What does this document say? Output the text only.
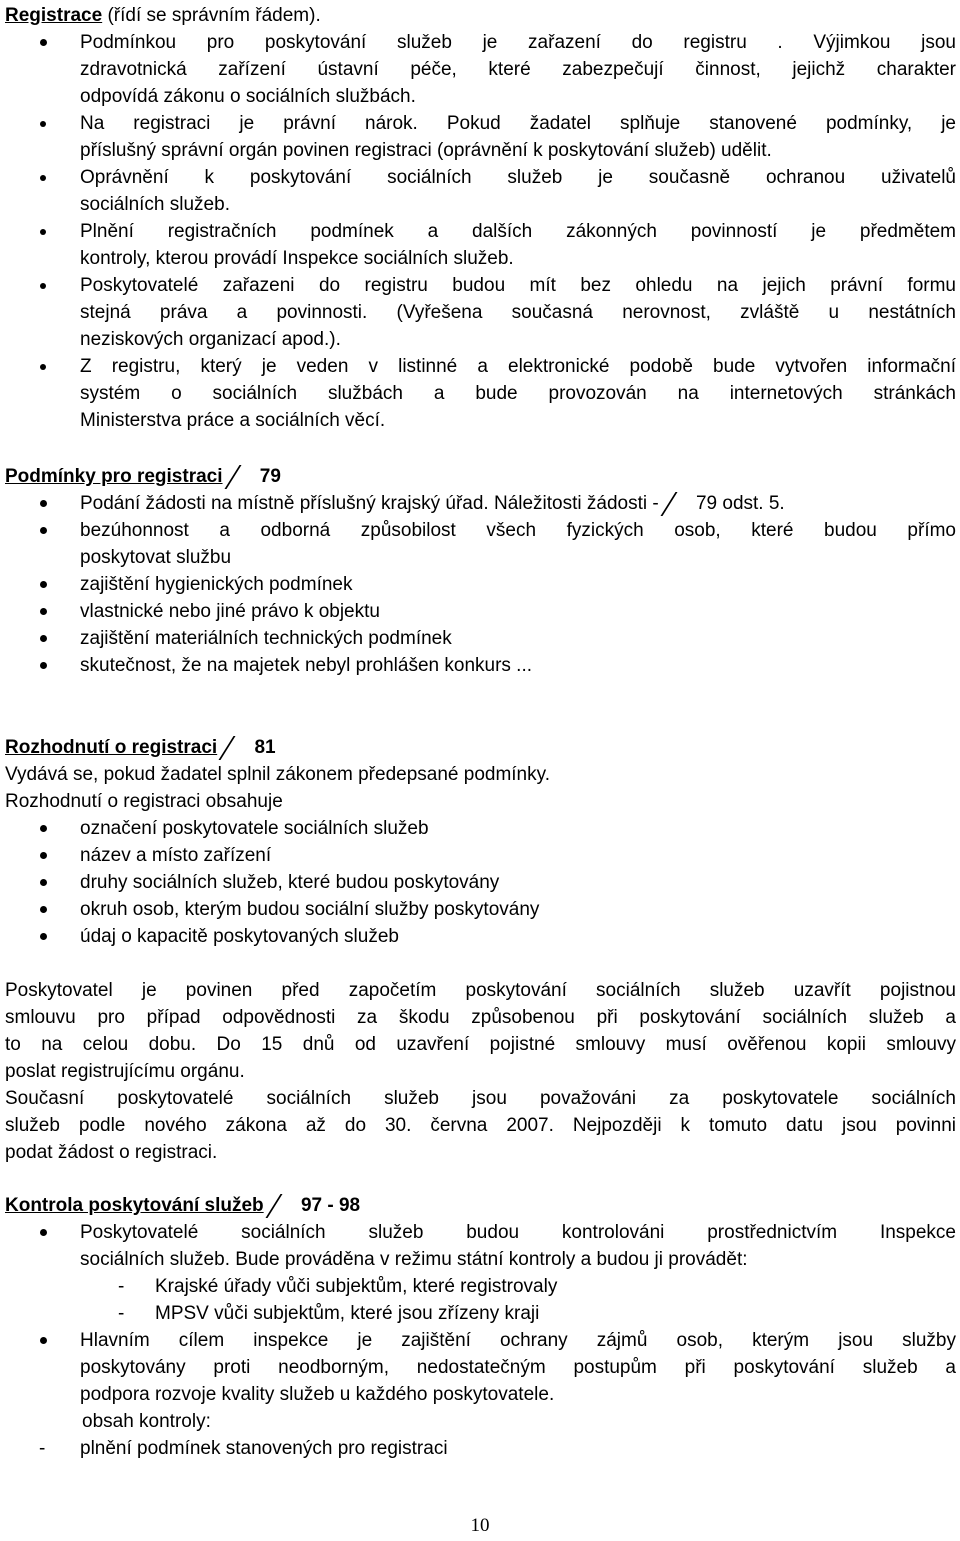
Registrace (řídí se správním řádem).
Podmínkou pro poskytování služeb je zařazení do registru . Výjimkou jsou
zdravotnická zařízení ústavní péče, které zabezpečují činnost, jejichž charakter
odpovídá zákonu o sociálních službách.
Na registraci je právní nárok. Pokud žadatel splňuje stanovené podmínky, je
příslušný správní orgán povinen registraci (oprávnění k poskytování služeb) udělit.
Oprávnění k poskytování sociálních služeb je současně ochranou uživatelů
sociálních služeb.
Plnění registračních podmínek a dalších zákonných povinností je předmětem
kontroly, kterou provádí Inspekce sociálních služeb.
Poskytovatelé zařazeni do registru budou mít bez ohledu na jejich právní formu
stejná práva a povinnosti. (Vyřešena současná nerovnost, zvláště u nestátních
neziskových organizací apod.).
Z registru, který je veden v listinné a elektronické podobě bude vytvořen informační
systém o sociálních službách a bude provozován na internetových stránkách
Ministerstva práce a sociálních věcí.
Podmínky pro registraci 79
Podání žádosti na místně příslušný krajský úřad. Náležitosti žádosti - 79 odst. 5.
bezúhonnost a odborná způsobilost všech fyzických osob, které budou přímo
poskytovat službu
zajištění hygienických podmínek
vlastnické nebo jiné právo k objektu
zajištění materiálních technických podmínek
skutečnost, že na majetek nebyl prohlášen konkurs ...
Rozhodnutí o registraci 81
Vydává se, pokud žadatel splnil zákonem předepsané podmínky.
Rozhodnutí o registraci obsahuje
označení poskytovatele sociálních služeb
název a místo zařízení
druhy sociálních služeb, které budou poskytovány
okruh osob, kterým budou sociální služby poskytovány
údaj o kapacitě poskytovaných služeb
Poskytovatel je povinen před započetím poskytování sociálních služeb uzavřít pojistnou
smlouvu pro případ odpovědnosti za škodu způsobenou při poskytování sociálních služeb a
to na celou dobu. Do 15 dnů od uzavření pojistné smlouvy musí ověřenou kopii smlouvy
poslat registrujícímu orgánu.
Současní poskytovatelé sociálních služeb jsou považováni za poskytovatele sociálních
služeb podle nového zákona až do 30. června 2007. Nejpozději k tomuto datu jsou povinni
podat žádost o registraci.
Kontrola poskytování služeb 97 - 98
Poskytovatelé sociálních služeb budou kontrolováni prostřednictvím Inspekce
sociálních služeb. Bude prováděna v režimu státní kontroly a budou ji provádět:
- Krajské úřady vůči subjektům, které registrovaly
- MPSV vůči subjektům, které jsou zřízeny kraji
Hlavním cílem inspekce je zajištění ochrany zájmů osob, kterým jsou služby
poskytovány proti neodborným, nedostatečným postupům při poskytování služeb a
podpora rozvoje kvality služeb u každého poskytovatele.
obsah kontroly:
- plnění podmínek stanovených pro registraci
10
